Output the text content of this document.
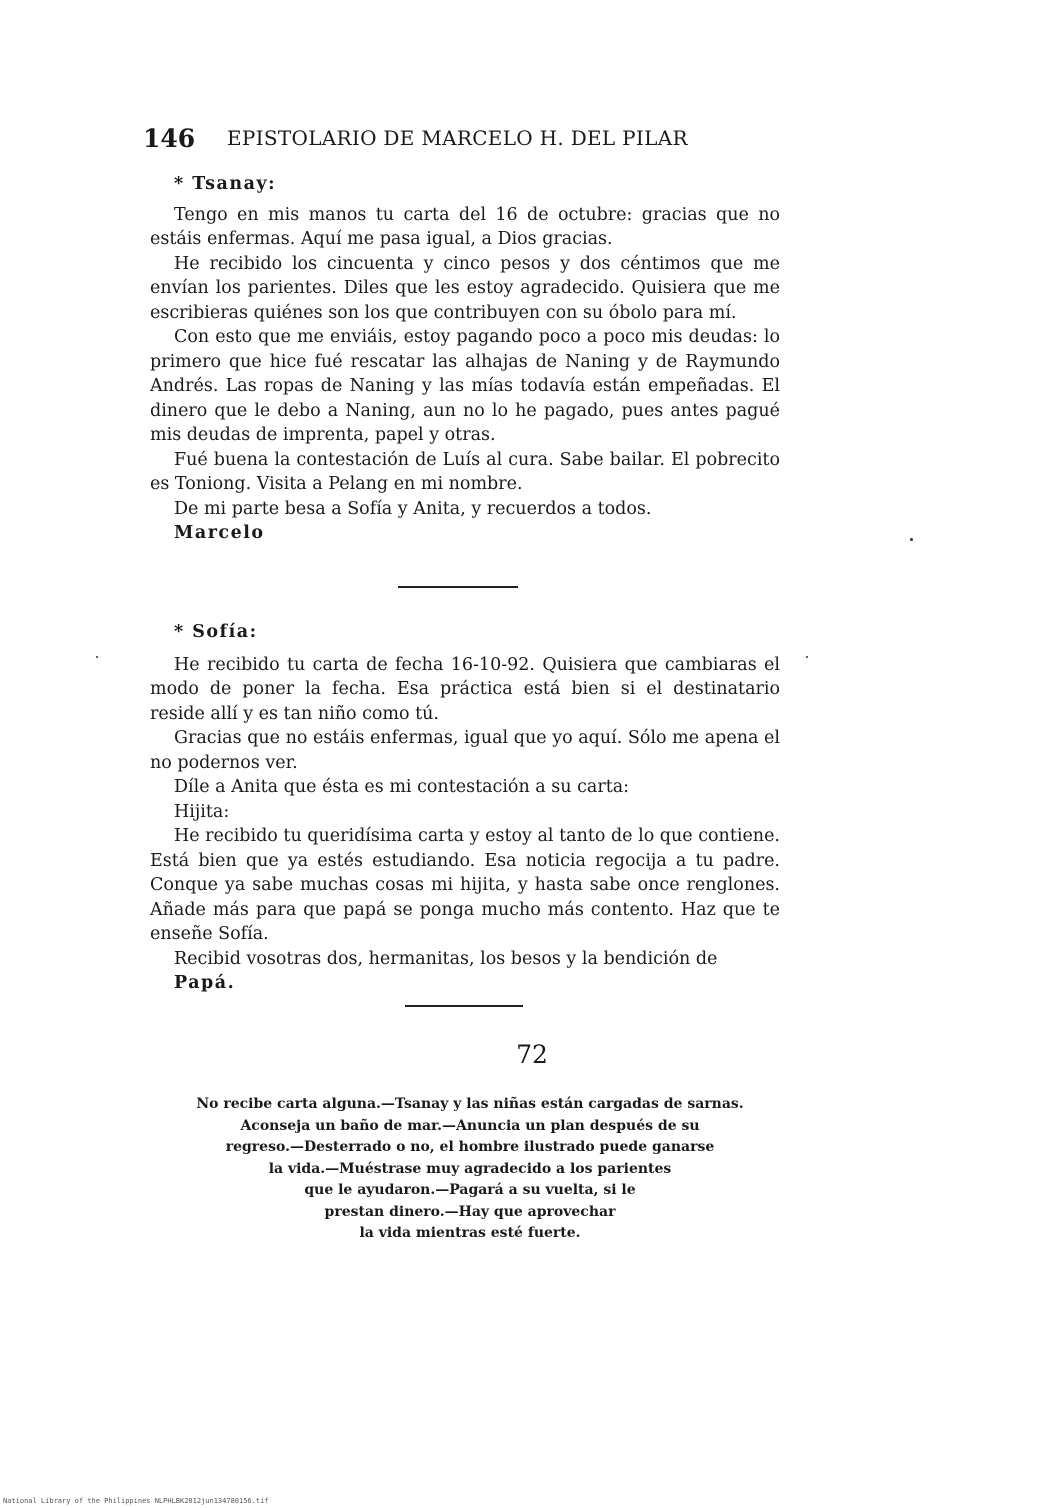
146 EPISTOLARIO DE MARCELO H. DEL PILAR

* Tsanay:

Tengo en mis manos tu carta del 16 de octubre: gracias que no estáis enfermas. Aquí me pasa igual, a Dios gracias.

He recibido los cincuenta y cinco pesos y dos céntimos que me envían los parientes. Diles que les estoy agradecido. Quisiera que me escribieras quiénes son los que contribuyen con su óbolo para mí.

Con esto que me enviáis, estoy pagando poco a poco mis deudas: lo primero que hice fué rescatar las alhajas de Naning y de Raymundo Andrés. Las ropas de Naning y las mías todavía están empeñadas. El dinero que le debo a Naning, aun no lo he pagado, pues antes pagué mis deudas de imprenta, papel y otras.

Fué buena la contestación de Luís al cura. Sabe bailar. El pobrecito es Tonіong. Visita a Pelang en mi nombre.

De mi parte besa a Sofía y Anita, y recuerdos a todos.

Marcelo

* Sofía:

He recibido tu carta de fecha 16-10-92. Quisiera que cambiaras el modo de poner la fecha. Esa práctica está bien si el destinatario reside allí y es tan niño como tú.

Gracias que no estáis enfermas, igual que yo aquí. Sólo me apena el no podernos ver.

Díle a Anita que ésta es mi contestación a su carta:

Hijita:

He recibido tu queridísima carta y estoy al tanto de lo que contiene. Está bien que ya estés estudiando. Esa noticia regocija a tu padre. Conque ya sabe muchas cosas mi hijita, y hasta sabe once renglones. Añade más para que papá se ponga mucho más contento. Haz que te enseñe Sofía.

Recibid vosotras dos, hermanitas, los besos y la bendición de

Papá.

72
No recibe carta alguna.—Tsanay y las niñas están cargadas de sarnas.
Aconseja un baño de mar.—Anuncia un plan después de su
regreso.—Desterrado o no, el hombre ilustrado puede ganarse
la vida.—Muéstrase muy agradecido a los parientes
que le ayudaron.—Pagará a su vuelta, si le
prestan dinero.—Hay que aprovechar
la vida mientras esté fuerte.
National Library of the Philippines NLPHLBK2012jun134780156.tif
